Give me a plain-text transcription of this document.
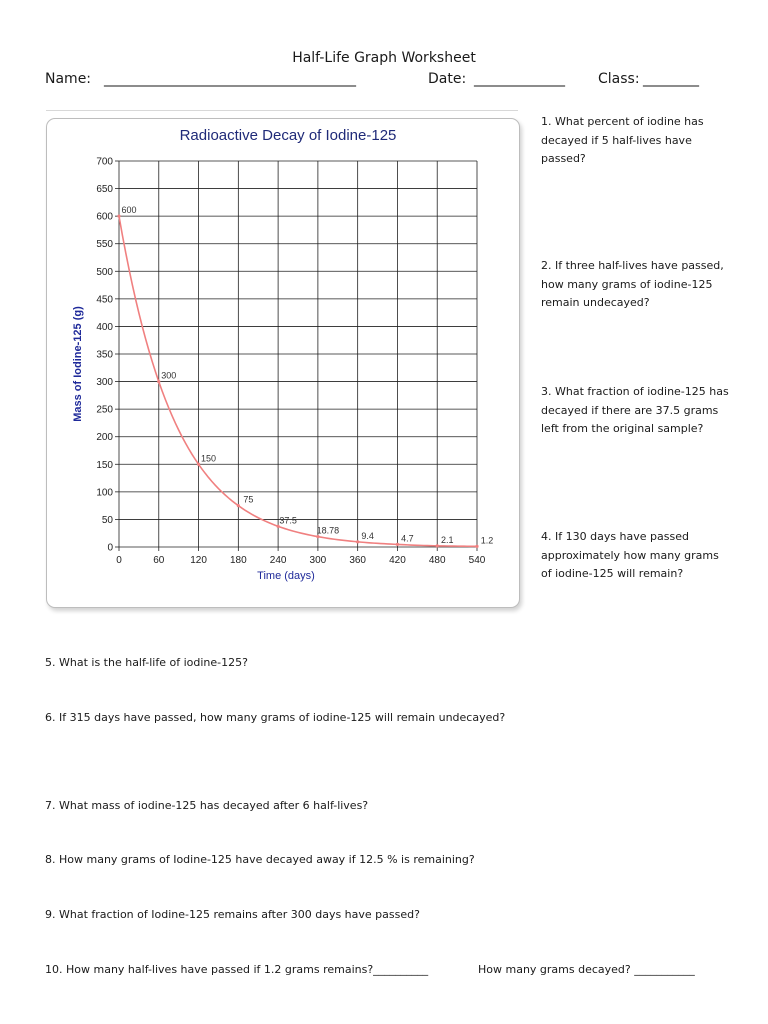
Half-Life Graph Worksheet
Name: ____________________________________	Date: _____________ Class: ________
Radioactive Decay of Iodine-125
0	60	120 180 240 300 360 420 480 540
0
50
100
150
200
250
300
350
400
450
500
550
600
650
700
Time (days)
Mass of Iodine-125 (g)
600
300
150
75
37.5
18.78
9.4	4.7	2.1	1.2
1. What percent of iodine has decayed if 5 half-lives have passed?
2. If three half-lives have passed, how many grams of iodine-125 remain undecayed?
3. What fraction of iodine-125 has decayed if there are 37.5 grams left from the original sample?
4. If 130 days have passed approximately how many grams of iodine-125 will remain?
5. What is the half-life of iodine-125?
6. If 315 days have passed, how many grams of iodine-125 will remain undecayed?
7. What mass of iodine-125 has decayed after 6 half-lives?
8. How many grams of Iodine-125 have decayed away if 12.5 % is remaining?
9. What fraction of Iodine-125 remains after 300 days have passed?
10. How many half-lives have passed if 1.2 grams remains?__________	How many grams decayed? ___________
